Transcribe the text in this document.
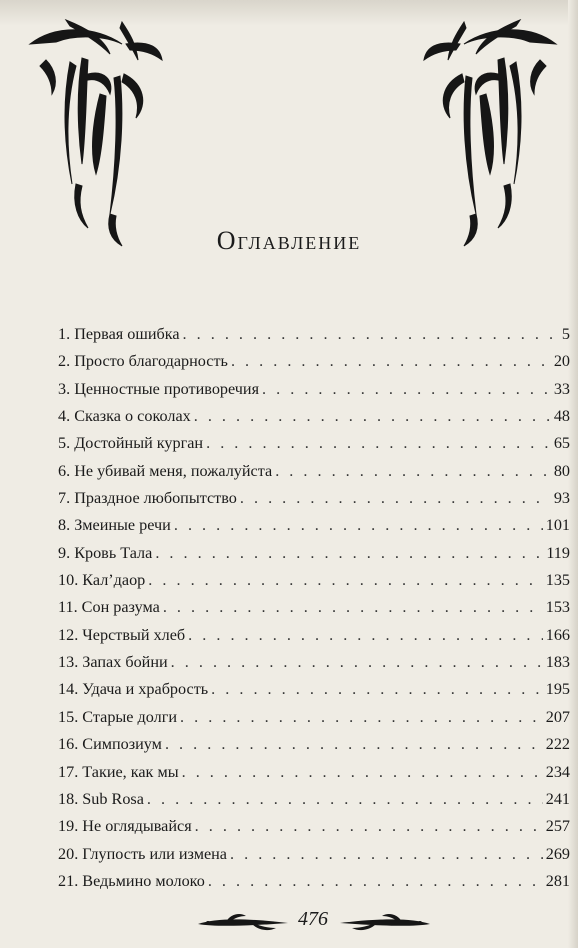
Оглавление
1. Первая ошибка . . .	5
2. Просто благодарность . . .	20
3. Ценностные противоречия . . .	33
4. Сказка о соколах . . .	48
5. Достойный курган . . .	65
6. Не убивай меня, пожалуйста . . .	80
7. Праздное любопытство . . .	93
8. Змеиные речи . . .	101
9. Кровь Тала . . .	119
10. Кал’даор . . .	135
11. Сон разума . . .	153
12. Черствый хлеб . . .	166
13. Запах бойни . . .	183
14. Удача и храбрость . . .	195
15. Старые долги . . .	207
16. Симпозиум . . .	222
17. Такие, как мы . . .	234
18. Sub Rosa . . .	241
19. Не оглядывайся . . .	257
20. Глупость или измена . . .	269
21. Ведьмино молоко . . .	281
476
